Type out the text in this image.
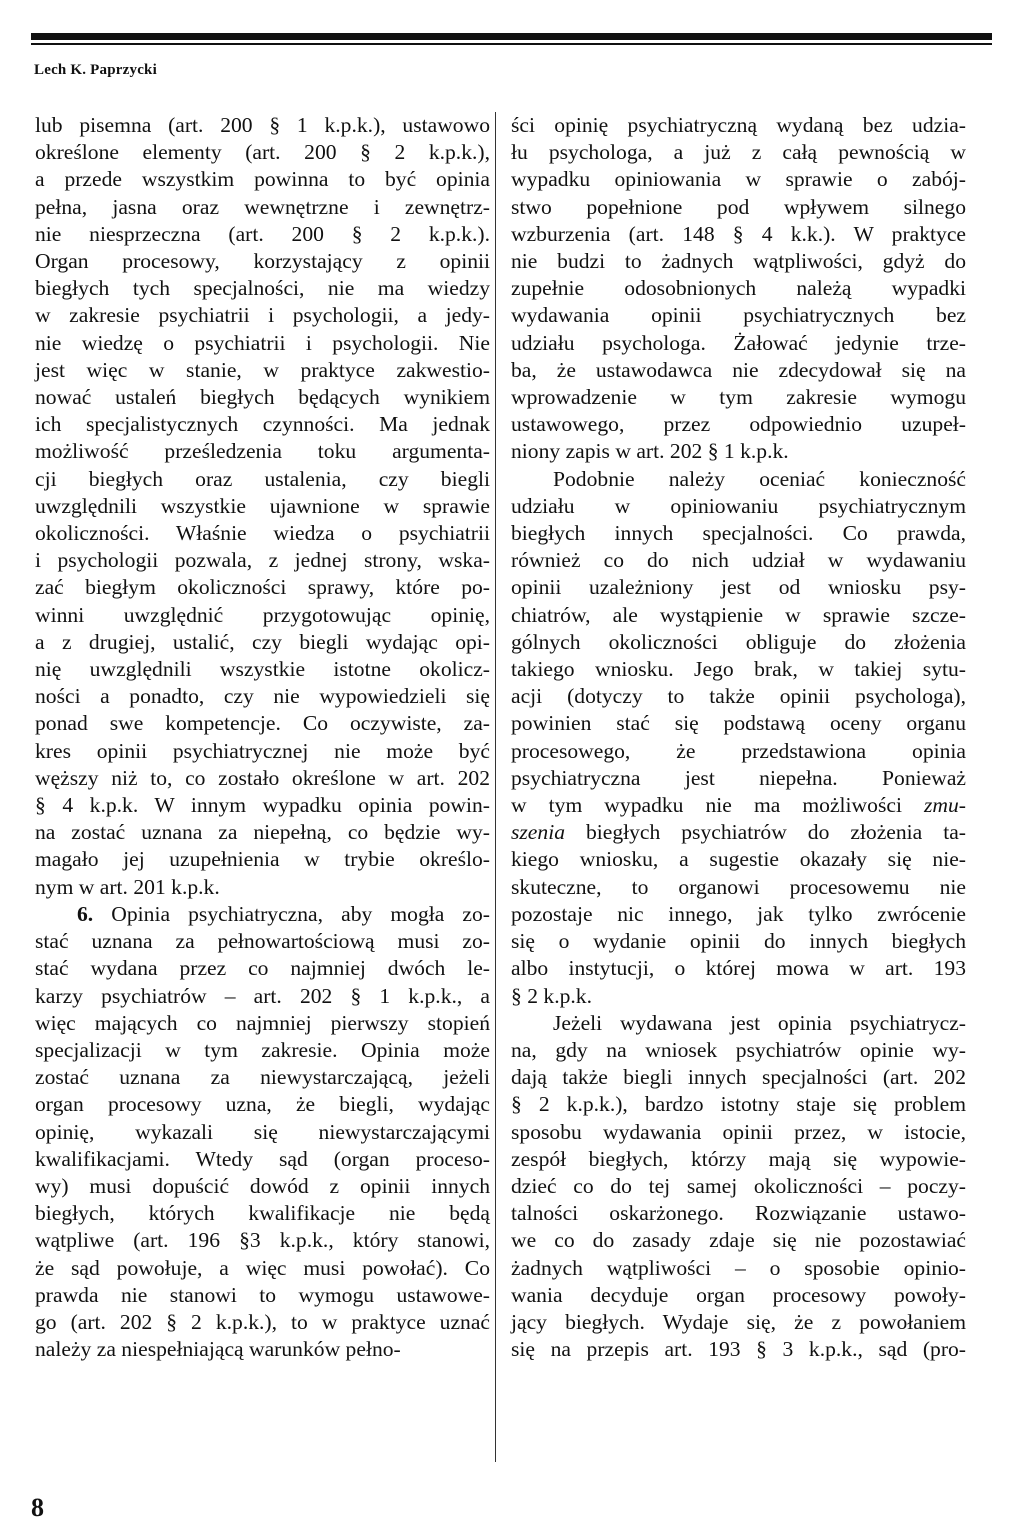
Lech K. Paprzycki

lub pisemna (art. 200 § 1 k.p.k.), ustawowo

określone elementy (art. 200 § 2 k.p.k.),

a przede wszystkim powinna to być opinia

pełna, jasna oraz wewnętrzne i zewnętrz-

nie niesprzeczna (art. 200 § 2 k.p.k.).

Organ procesowy, korzystający z opinii

biegłych tych specjalności, nie ma wiedzy

w zakresie psychiatrii i psychologii, a jedy-

nie wiedzę o psychiatrii i psychologii. Nie

jest więc w stanie, w praktyce zakwestio-

nować ustaleń biegłych będących wynikiem

ich specjalistycznych czynności. Ma jednak

możliwość prześledzenia toku argumenta-

cji biegłych oraz ustalenia, czy biegli

uwzględnili wszystkie ujawnione w sprawie

okoliczności. Właśnie wiedza o psychiatrii

i psychologii pozwala, z jednej strony, wska-

zać biegłym okoliczności sprawy, które po-

winni uwzględnić przygotowując opinię,

a z drugiej, ustalić, czy biegli wydając opi-

nię uwzględnili wszystkie istotne okolicz-

ności a ponadto, czy nie wypowiedzieli się

ponad swe kompetencje. Co oczywiste, za-

kres opinii psychiatrycznej nie może być

węższy niż to, co zostało określone w art. 202

§ 4 k.p.k. W innym wypadku opinia powin-

na zostać uznana za niepełną, co będzie wy-

magało jej uzupełnienia w trybie określo-

nym w art. 201 k.p.k.

6. Opinia psychiatryczna, aby mogła zo-

stać uznana za pełnowartościową musi zo-

stać wydana przez co najmniej dwóch le-

karzy psychiatrów – art. 202 § 1 k.p.k., a

więc mających co najmniej pierwszy stopień

specjalizacji w tym zakresie. Opinia może

zostać uznana za niewystarczającą, jeżeli

organ procesowy uzna, że biegli, wydając

opinię, wykazali się niewystarczającymi

kwalifikacjami. Wtedy sąd (organ proceso-

wy) musi dopuścić dowód z opinii innych

biegłych, których kwalifikacje nie będą

wątpliwe (art. 196 §3 k.p.k., który stanowi,

że sąd powołuje, a więc musi powołać). Co

prawda nie stanowi to wymogu ustawowe-

go (art. 202 § 2 k.p.k.), to w praktyce uznać

należy za niespełniającą warunków pełno-

ści opinię psychiatryczną wydaną bez udzia-

łu psychologa, a już z całą pewnością w

wypadku opiniowania w sprawie o zabój-

stwo popełnione pod wpływem silnego

wzburzenia (art. 148 § 4 k.k.). W praktyce

nie budzi to żadnych wątpliwości, gdyż do

zupełnie odosobnionych należą wypadki

wydawania opinii psychiatrycznych bez

udziału psychologa. Żałować jedynie trze-

ba, że ustawodawca nie zdecydował się na

wprowadzenie w tym zakresie wymogu

ustawowego, przez odpowiednio uzupeł-

niony zapis w art. 202 § 1 k.p.k.

Podobnie należy oceniać konieczność

udziału w opiniowaniu psychiatrycznym

biegłych innych specjalności. Co prawda,

również co do nich udział w wydawaniu

opinii uzależniony jest od wniosku psy-

chiatrów, ale wystąpienie w sprawie szcze-

gólnych okoliczności obliguje do złożenia

takiego wniosku. Jego brak, w takiej sytu-

acji (dotyczy to także opinii psychologa),

powinien stać się podstawą oceny organu

procesowego, że przedstawiona opinia

psychiatryczna jest niepełna. Ponieważ

w tym wypadku nie ma możliwości zmu-

szenia biegłych psychiatrów do złożenia ta-

kiego wniosku, a sugestie okazały się nie-

skuteczne, to organowi procesowemu nie

pozostaje nic innego, jak tylko zwrócenie

się o wydanie opinii do innych biegłych

albo instytucji, o której mowa w art. 193

§ 2 k.p.k.

Jeżeli wydawana jest opinia psychiatrycz-

na, gdy na wniosek psychiatrów opinie wy-

dają także biegli innych specjalności (art. 202

§ 2 k.p.k.), bardzo istotny staje się problem

sposobu wydawania opinii przez, w istocie,

zespół biegłych, którzy mają się wypowie-

dzieć co do tej samej okoliczności – poczy-

talności oskarżonego. Rozwiązanie ustawo-

we co do zasady zdaje się nie pozostawiać

żadnych wątpliwości – o sposobie opinio-

wania decyduje organ procesowy powoły-

jący biegłych. Wydaje się, że z powołaniem

się na przepis art. 193 § 3 k.p.k., sąd (pro-

8
